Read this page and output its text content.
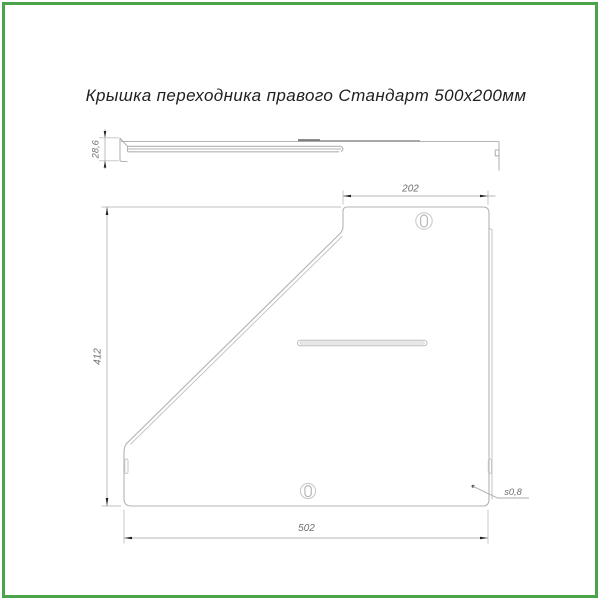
Крышка переходника правого Стандарт 500х200мм
28,6
202
412
502
s0,8
